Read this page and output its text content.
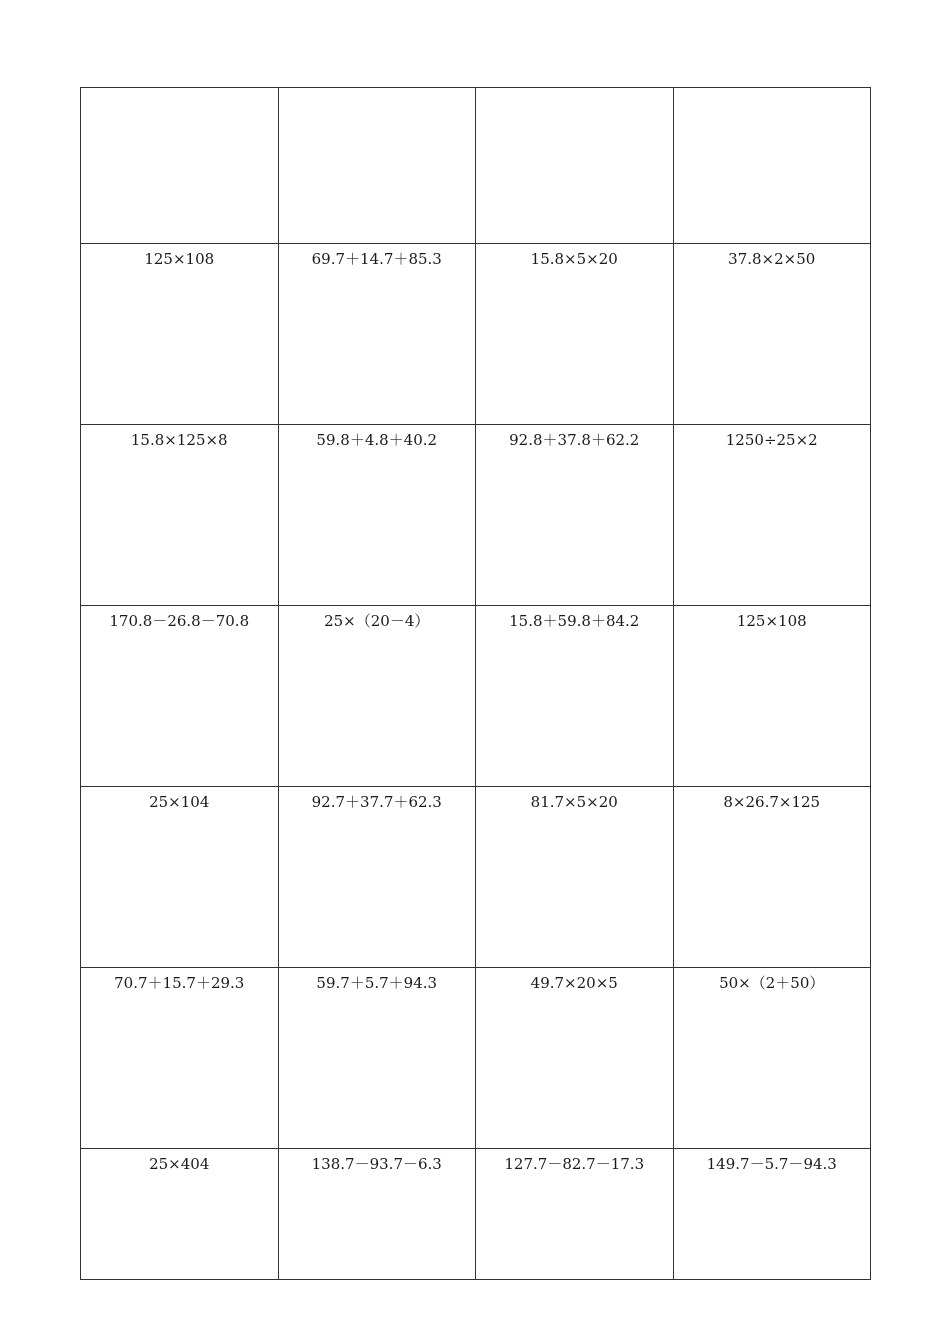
125×108	69.7＋14.7＋85.3	15.8×5×20	37.8×2×50
15.8×125×8	59.8＋4.8＋40.2	92.8＋37.8＋62.2	1250÷25×2
170.8－26.8－70.8	25×（20－4）	15.8＋59.8＋84.2	125×108
25×104	92.7＋37.7＋62.3	81.7×5×20	8×26.7×125
70.7＋15.7＋29.3	59.7＋5.7＋94.3	49.7×20×5	50×（2＋50）
25×404	138.7－93.7－6.3	127.7－82.7－17.3	149.7－5.7－94.3
